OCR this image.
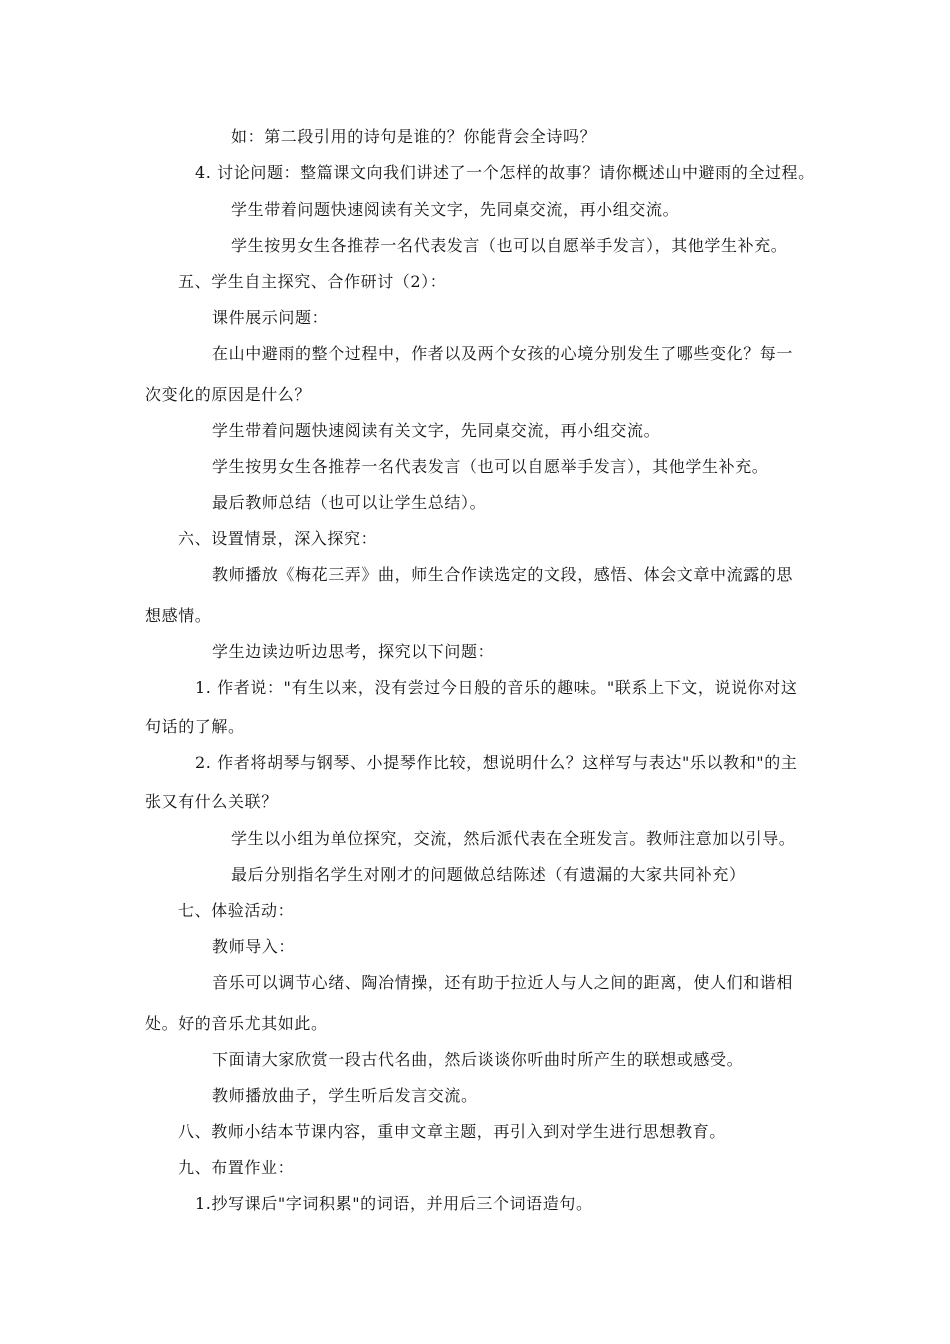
如：第二段引用的诗句是谁的？你能背会全诗吗？
4. 讨论问题：整篇课文向我们讲述了一个怎样的故事？请你概述山中避雨的全过程。
学生带着问题快速阅读有关文字，先同桌交流，再小组交流。
学生按男女生各推荐一名代表发言（也可以自愿举手发言），其他学生补充。
五、学生自主探究、合作研讨（2）：
课件展示问题：
在山中避雨的整个过程中，作者以及两个女孩的心境分别发生了哪些变化？每一
次变化的原因是什么？
学生带着问题快速阅读有关文字，先同桌交流，再小组交流。
学生按男女生各推荐一名代表发言（也可以自愿举手发言），其他学生补充。
最后教师总结（也可以让学生总结）。
六、设置情景，深入探究：
教师播放《梅花三弄》曲，师生合作读选定的文段，感悟、体会文章中流露的思
想感情。
学生边读边听边思考，探究以下问题：
1. 作者说："有生以来，没有尝过今日般的音乐的趣味。"联系上下文，说说你对这
句话的了解。
2. 作者将胡琴与钢琴、小提琴作比较，想说明什么？这样写与表达"乐以教和"的主
张又有什么关联？
学生以小组为单位探究，交流，然后派代表在全班发言。教师注意加以引导。
最后分别指名学生对刚才的问题做总结陈述（有遗漏的大家共同补充）
七、体验活动：
教师导入：
音乐可以调节心绪、陶冶情操，还有助于拉近人与人之间的距离，使人们和谐相
处。好的音乐尤其如此。
下面请大家欣赏一段古代名曲，然后谈谈你听曲时所产生的联想或感受。
教师播放曲子，学生听后发言交流。
八、教师小结本节课内容，重申文章主题，再引入到对学生进行思想教育。
九、布置作业：
1.抄写课后"字词积累"的词语，并用后三个词语造句。
